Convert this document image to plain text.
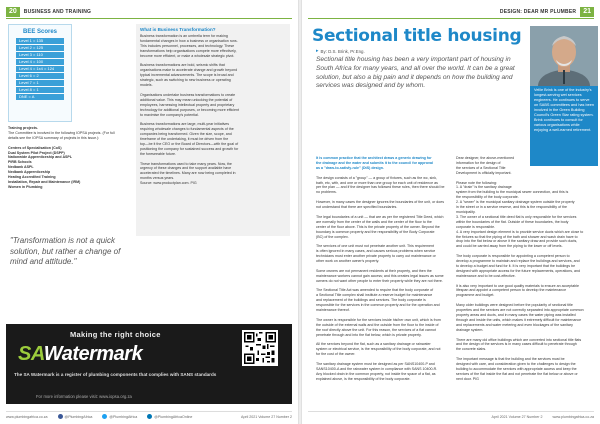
20	BUSINESS AND TRAINING
BEE Scores
Level 1 = 135
Level 2 = 125
Level 3 = 110
Level 4 = 100
Level 4 = 1x4 = 124
Level 6 = 2
Level 7 = 1
Level 8 = 1
DNE = A
Training projects.
The Committee is involved in the following IOPSA projects. (For full
details see the IOPSA summary of projects in this issue.):

Centres of Specialisation (CoS)
Dual System Pilot Project (DSPP)
Nationwide Apprenticeship and ASPL
PIRB Schools
Nedbank ASPL
Nedbank Apprenticeship
Heating Accredited Training
Installation, Repair and Maintenance (IRM)
Women in Plumbing
"Transformation is not a quick solution, but rather a change of mind and attitude."
What is Business Transformation?
Business transformation is an umbrella term for making
fundamental changes in how a business or organisation runs.
This includes personnel, processes, and technology. These
transformations help organisations compete more effectively,
become more efficient, or make a wholesale strategic pivot.

Business transformations are bold, seismic shifts that
organisations make to accelerate change and growth beyond
typical incremental advancements. The scope is broad and
strategic, such as switching to new business or operating
models.

Organisations undertake business transformations to create
additional value. This may mean unlocking the potential of
employees, harnessing intellectual property and proprietary
technology for additional purposes, or becoming more efficient
to maximise the company's potential.

Business transformations are large, multi-year initiatives
requiring wholesale changes to fundamental aspects of the
companies being transformed. Given the size, scope, and
timeframe of the undertaking, it must be driven from the
top—be it the CEO or the Board of Directors—with the goal of
positioning the company for sustained success and growth for
the foreseeable future.

These transformations used to take many years. Now, the
urgency of these changes and the support available have
accelerated the timelines. Many are now being completed in
months versus years.
Source: www.productplan.com. PIG
Making the right choice
SAWatermark
The SA Watermark is a register of plumbing components that complies with SANS standards
For more information please visit: www.iopsa.org.za
www.plumbingafrica.co.za	@PlumbingAfrica	@PlumbingAfrica	@PlumbingAfricaOnline	April 2021 Volume 27 Number 2
DESIGN: DEAR MR PLUMBER	21
Sectional title housing
▸ By: D.S. Brink, Pr.Eng.
Sectional title housing has been a very important part of housing in South Africa for many years, and all over the world. It can be a great solution, but also a big pain and it depends on how the building and services was designed and by whom.
Vellie Brink is one of the industry's longest-serving wet services engineers. He continues to serve on SABS committees and has been involved in the Green Building Council's Green Star rating system. Brink continues to consult for various organisations while enjoying a well-earned retirement.
It is common practice that the architect draws a generic drawing for
the drainage and the water and submits it to the council for approval
as a "draw-to-satisfy-rule" (DtS) design.

The design consists of a "group" — a group of fixtures, such as the wc, sink,
bath, etc, with, and one or more than one group for each unit of residence as
per the plan — and if the designer has followed these rules, then there should be
no problems.

However, in many cases the designer ignores the boundaries of the unit, or does
not understand that there are specified boundaries.

The legal boundaries of a unit — that are as per the registered Title Deed, which
are normally from the center of the walls and the center of the floor to the
center of the floor above. This is the private property of the owner. Beyond the
boundary is common property and the responsibility of the Body Corporate
(BC) of the complex.

The services of one unit must not penetrate another unit. This requirement
is often ignored in many cases, and causes serious problems when service
technicians must enter another private property to carry out maintenance or
other work on another owner's property.

Some owners are not permanent residents at their property, and then the
maintenance workers cannot gain access; and this creates legal issues as some
owners do not want other people to enter their property while they are not there.

The Sectional Title Act was amended to require that the body corporate of
a Sectional Title complex shall institute a reserve budget for maintenance
and replacement of the buildings and services. The body corporate is
responsible for the services in the common property and for the operation and
maintenance thereof.

The owner is responsible for the services inside his/her own unit, which is from
the outside of the external walls and the outside from the floor to the inside of
the roof directly above the unit. For this reason, the services of a flat cannot
penetrate through and into the flat below, which is private property.

All the services beyond the flat, such as a sanitary drainage or rainwater
system or electrical service, is the responsibility of the body corporate, and not
for the cost of the owner.

The sanitary drainage system must be designed as per SANS10400-P and
SANS10400-A and the rainwater system in compliance with SANS 10400-R.
Any blocked drain in the common property, not inside the space of a flat, as
explained above, is the responsibility of the body corporate.
Dear designer, the above-mentioned
information for the design of
the services of a Sectional Title
Development is officially important.

Please note the following:
1. A "drain" is the sanitary drainage
system from the building to the municipal sewer connection, and this is
the responsibility of the body corporate.
2. A "sewer" is the municipal sanitary drainage system outside the property
in the street or in a service reserve, and this is the responsibility of the
municipality.
3. The owner of a sectional title deed flat is only responsible for the services
within the boundaries of the flat. Outside of these boundaries, the body
corporate is responsible.
4. A very important design element is to provide service ducts which are close to
the fixtures so that the piping of the bath and shower and wash drain have to
drop into the flat below or above it the sanitary draw and provide such ducts,
and could be carried away from the piping to the lower or off levels.

The body corporate is responsible for appointing a competent person to
develop a programme to maintain and replace the buildings and services, and
to develop a budget and fund for it. It is very important that the buildings be
designed with appropriate access for the future replacements, operations, and
maintenance and to be cost-effective.

It is also very important to use good quality materials to ensure an acceptable
lifespan and appoint a competent person to develop the maintenance
programme and budget.

Many older buildings were designed before the popularity of sectional title
properties and the services are not correctly separated into appropriate common
property areas and ducts, and in many cases the water piping was installed
through and inside the units, which makes it extremely difficult for maintenance
and replacements and water metering and even blockages of the sanitary
drainage system.

There are many old office buildings which are converted into sectional title flats
and the design of the services is in many cases difficult to penetrate through
the concrete slabs.

The important message is that the building and the services must be
designed with care, and consideration given to the challenges to design the
building to accommodate the services with appropriate access and keep the
services of the flat inside the flat and not penetrate the flat below or above or
next door. PIG
April 2021 Volume 27 Number 2	www.plumbingafrica.co.za
